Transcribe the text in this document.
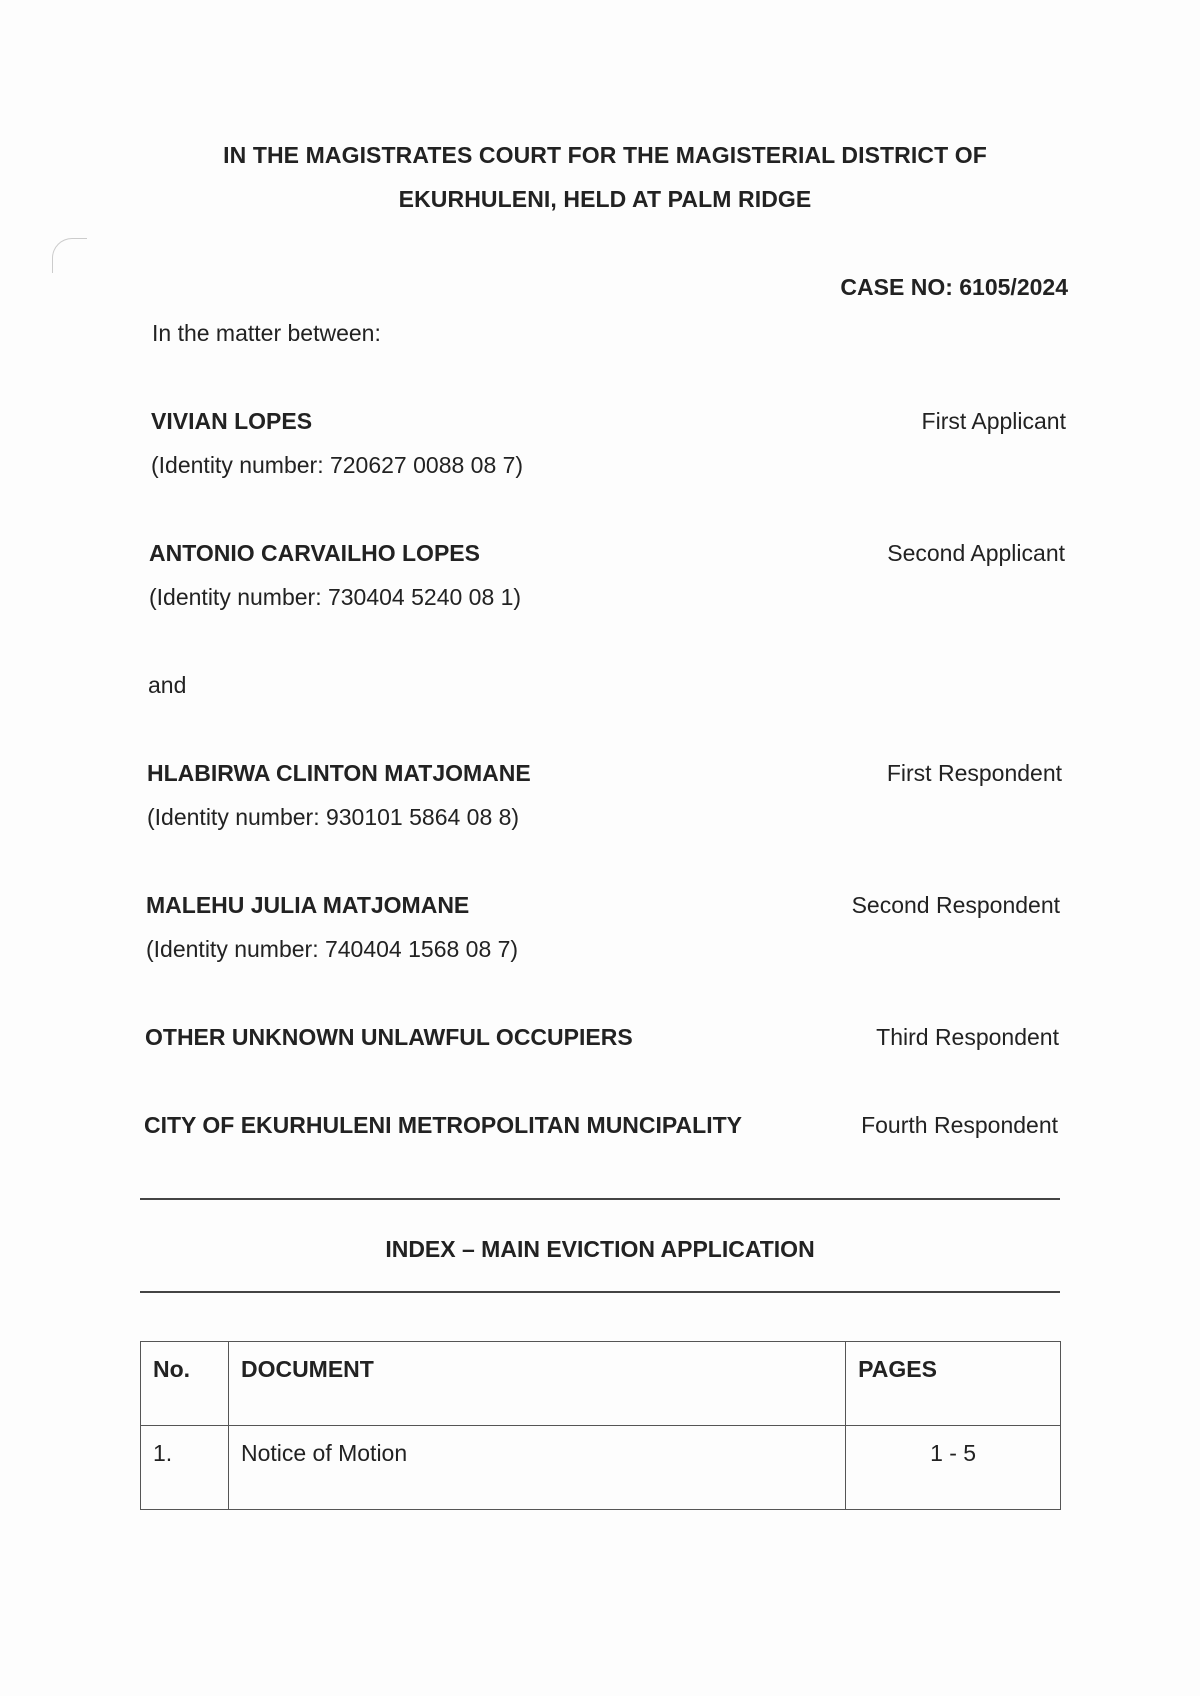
IN THE MAGISTRATES COURT FOR THE MAGISTERIAL DISTRICT OF
EKURHULENI, HELD AT PALM RIDGE
CASE NO: 6105/2024
In the matter between:
VIVIAN LOPES	First Applicant
(Identity number: 720627 0088 08 7)
ANTONIO CARVAILHO LOPES	Second Applicant
(Identity number: 730404 5240 08 1)
and
HLABIRWA CLINTON MATJOMANE	First Respondent
(Identity number: 930101 5864 08 8)
MALEHU JULIA MATJOMANE	Second Respondent
(Identity number: 740404 1568 08 7)
OTHER UNKNOWN UNLAWFUL OCCUPIERS	Third Respondent
CITY OF EKURHULENI METROPOLITAN MUNCIPALITY	Fourth Respondent
INDEX – MAIN EVICTION APPLICATION
No.	DOCUMENT	PAGES
1.	Notice of Motion	1 - 5
